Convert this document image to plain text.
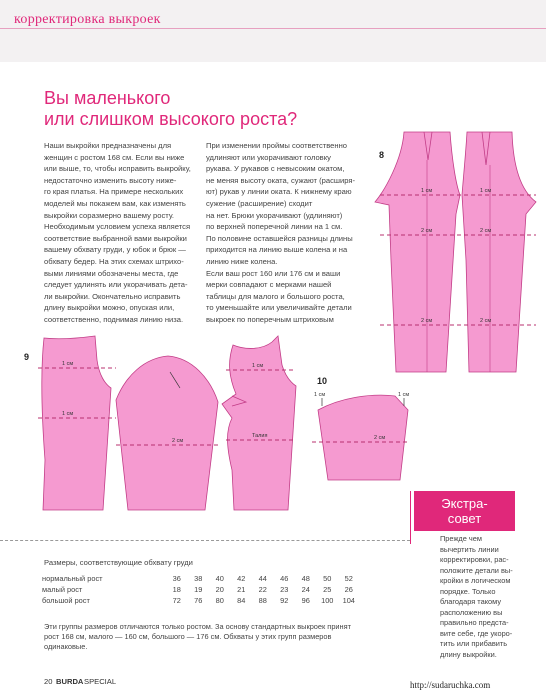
корректировка выкроек
Вы маленького
или слишком высокого роста?

Наши выкройки предназначены для

женщин с ростом 168 см. Если вы ниже

или выше, то, чтобы исправить выкройку,

недостаточно изменить высоту ниже-

го края платья. На примере нескольких

моделей мы покажем вам, как изменять

выкройки соразмерно вашему росту.

Необходимым условием успеха является

соответствие выбранной вами выкройки

вашему обхвату груди, у юбок и брюк —

обхвату бедер. На этих схемах штрихо-

выми линиями обозначены места, где

следует удлинять или укорачивать дета-

ли выкройки. Окончательно исправить

длину выкройки можно, опуская или,

соответственно, поднимая линию низа.

При изменении проймы соответственно

удлиняют или укорачивают головку

рукава. У рукавов с невысоким окатом,

не меняя высоту оката, сужают (расширя-

ют) рукав у линии оката. К нижнему краю

сужение (расширение) сходит

на нет. Брюки укорачивают (удлиняют)

по верхней поперечной линии на 1 см.

По половине оставшейся разницы длины

приходится на линию выше колена и на

линию ниже колена.

Если ваш рост 160 или 176 см и ваши

мерки совпадают с мерками нашей

таблицы для малого и большого роста,

то уменьшайте или увеличивайте детали

выкроек по поперечным штриховым

8
9
10
1 см	1 см
2 см	2 см
2 см	2 см
1 см
1 см
2 см
1 см
Талия	2 см
1 см	1 см
Экстра-
совет
Прежде чем
вычертить линии
корректировки, рас-
положите детали вы-
кройки в логическом
порядке. Только
благодаря такому
расположению вы
правильно предста-
вите себе, где укоро-
тить или прибавить
длину выкройки.
Размеры, соответствующие обхвату груди
нормальный рост	36	38	40	42	44	46	48	50	52
малый рост	18	19	20	21	22	23	24	25	26
большой рост	72	76	80	84	88	92	96	100	104
Эти группы размеров отличаются только ростом. За основу стандартных выкроек принят
рост 168 см, малого — 160 см, большого — 176 см. Обхваты у этих групп размеров
одинаковые.
20 BURDA SPECIAL	http://sudaruchka.com
